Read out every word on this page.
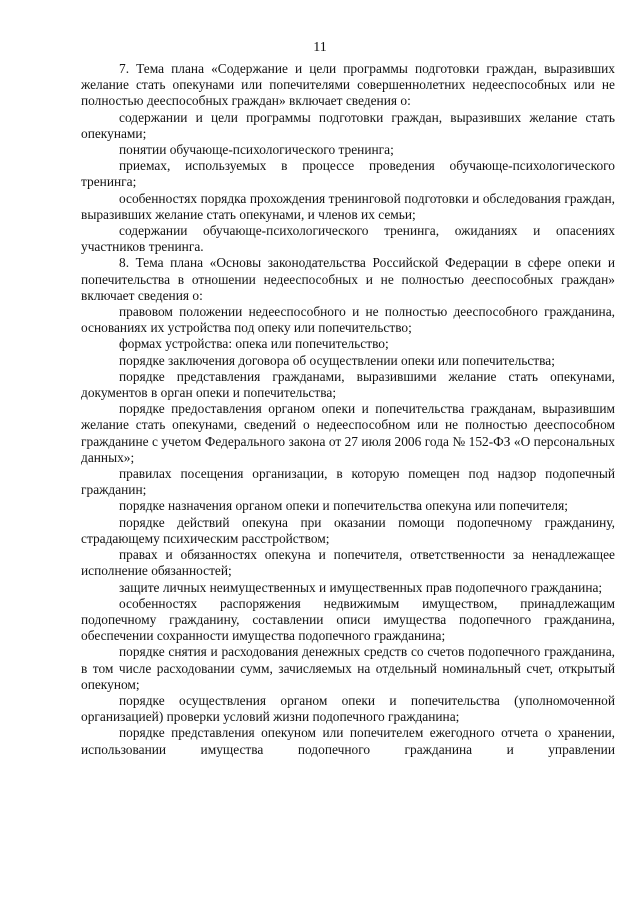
11

7. Тема плана «Содержание и цели программы подготовки граждан, выразивших желание стать опекунами или попечителями совершеннолетних недееспособных или не полностью дееспособных граждан» включает сведения о:

содержании и цели программы подготовки граждан, выразивших желание стать опекунами;

понятии обучающе-психологического тренинга;

приемах, используемых в процессе проведения обучающе-психологического тренинга;

особенностях порядка прохождения тренинговой подготовки и обследования граждан, выразивших желание стать опекунами, и членов их семьи;

содержании обучающе-психологического тренинга, ожиданиях и опасениях участников тренинга.

8. Тема плана «Основы законодательства Российской Федерации в сфере опеки и попечительства в отношении недееспособных и не полностью дееспособных граждан» включает сведения о:

правовом положении недееспособного и не полностью дееспособного гражданина, основаниях их устройства под опеку или попечительство;

формах устройства: опека или попечительство;

порядке заключения договора об осуществлении опеки или попечительства;

порядке представления гражданами, выразившими желание стать опекунами, документов в орган опеки и попечительства;

порядке предоставления органом опеки и попечительства гражданам, выразившим желание стать опекунами, сведений о недееспособном или не полностью дееспособном гражданине с учетом Федерального закона от 27 июля 2006 года № 152-ФЗ «О персональных данных»;

правилах посещения организации, в которую помещен под надзор подопечный гражданин;

порядке назначения органом опеки и попечительства опекуна или попечителя;

порядке действий опекуна при оказании помощи подопечному гражданину, страдающему психическим расстройством;

правах и обязанностях опекуна и попечителя, ответственности за ненадлежащее исполнение обязанностей;

защите личных неимущественных и имущественных прав подопечного гражданина;

особенностях распоряжения недвижимым имуществом, принадлежащим подопечному гражданину, составлении описи имущества подопечного гражданина, обеспечении сохранности имущества подопечного гражданина;

порядке снятия и расходования денежных средств со счетов подопечного гражданина, в том числе расходовании сумм, зачисляемых на отдельный номинальный счет, открытый опекуном;

порядке осуществления органом опеки и попечительства (уполномоченной организацией) проверки условий жизни подопечного гражданина;

порядке представления опекуном или попечителем ежегодного отчета о хранении, использовании имущества подопечного гражданина и управлении
